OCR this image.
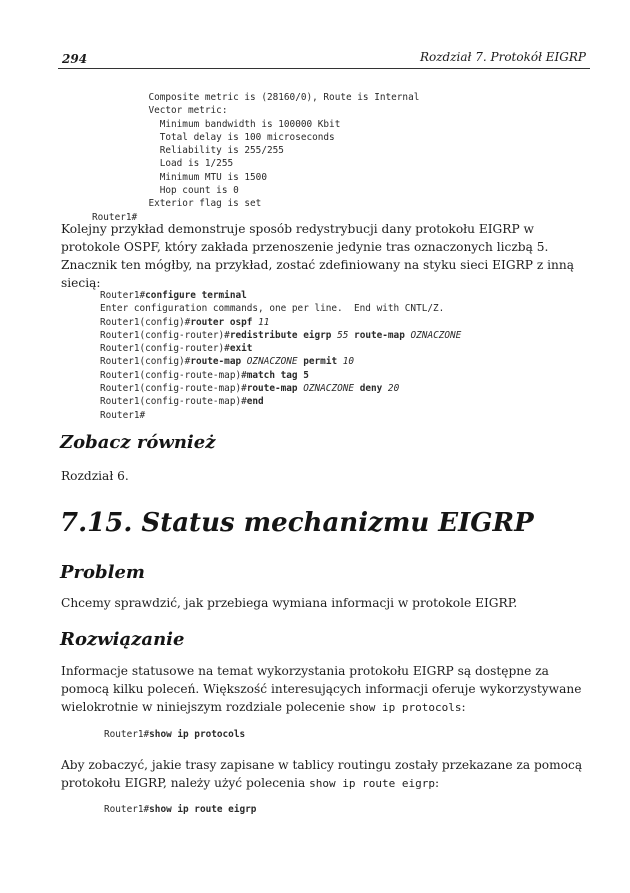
294	Rozdział 7. Protokół EIGRP
Composite metric is (28160/0), Route is Internal
Vector metric:
Minimum bandwidth is 100000 Kbit
Total delay is 100 microseconds
Reliability is 255/255
Load is 1/255
Minimum MTU is 1500
Hop count is 0
Exterior flag is set
Router1#

Kolejny przykład demonstruje sposób redystrybucji dany protokołu EIGRP w protokole OSPF, który zakłada przenoszenie jedynie tras oznaczonych liczbą 5. Znacznik ten mógłby, na przykład, zostać zdefiniowany na styku sieci EIGRP z inną siecią:

Router1#configure terminal
Enter configuration commands, one per line.  End with CNTL/Z.
Router1(config)#router ospf 11
Router1(config-router)#redistribute eigrp 55 route-map OZNACZONE
Router1(config-router)#exit
Router1(config)#route-map OZNACZONE permit 10
Router1(config-route-map)#match tag 5
Router1(config-route-map)#route-map OZNACZONE deny 20
Router1(config-route-map)#end
Router1#
Zobacz również

Rozdział 6.

7.15. Status mechanizmu EIGRP
Problem

Chcemy sprawdzić, jak przebiega wymiana informacji w protokole EIGRP.

Rozwiązanie

Informacje statusowe na temat wykorzystania protokołu EIGRP są dostępne za pomocą kilku poleceń. Większość interesujących informacji oferuje wykorzystywane wielokrotnie w niniejszym rozdziale polecenie show ip protocols:

Router1#show ip protocols

Aby zobaczyć, jakie trasy zapisane w tablicy routingu zostały przekazane za pomocą protokołu EIGRP, należy użyć polecenia show ip route eigrp:

Router1#show ip route eigrp
